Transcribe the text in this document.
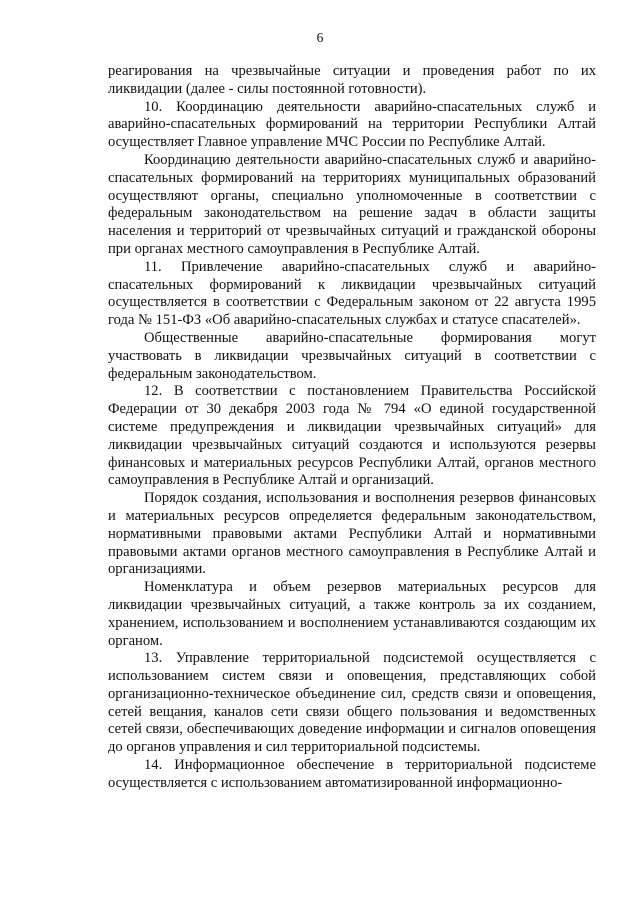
6

реагирования на чрезвычайные ситуации и проведения работ по их ликвидации (далее - силы постоянной готовности).

10. Координацию деятельности аварийно-спасательных служб и аварийно-спасательных формирований на территории Республики Алтай осуществляет Главное управление МЧС России по Республике Алтай.

Координацию деятельности аварийно-спасательных служб и аварийно-спасательных формирований на территориях муниципальных образований осуществляют органы, специально уполномоченные в соответствии с федеральным законодательством на решение задач в области защиты населения и территорий от чрезвычайных ситуаций и гражданской обороны при органах местного самоуправления в Республике Алтай.

11. Привлечение аварийно-спасательных служб и аварийно-спасательных формирований к ликвидации чрезвычайных ситуаций осуществляется в соответствии с Федеральным законом от 22 августа 1995 года № 151-ФЗ «Об аварийно-спасательных службах и статусе спасателей».

Общественные аварийно-спасательные формирования могут участвовать в ликвидации чрезвычайных ситуаций в соответствии с федеральным законодательством.

12. В соответствии с постановлением Правительства Российской Федерации от 30 декабря 2003 года № 794 «О единой государственной системе предупреждения и ликвидации чрезвычайных ситуаций» для ликвидации чрезвычайных ситуаций создаются и используются резервы финансовых и материальных ресурсов Республики Алтай, органов местного самоуправления в Республике Алтай и организаций.

Порядок создания, использования и восполнения резервов финансовых и материальных ресурсов определяется федеральным законодательством, нормативными правовыми актами Республики Алтай и нормативными правовыми актами органов местного самоуправления в Республике Алтай и организациями.

Номенклатура и объем резервов материальных ресурсов для ликвидации чрезвычайных ситуаций, а также контроль за их созданием, хранением, использованием и восполнением устанавливаются создающим их органом.

13. Управление территориальной подсистемой осуществляется с использованием систем связи и оповещения, представляющих собой организационно-техническое объединение сил, средств связи и оповещения, сетей вещания, каналов сети связи общего пользования и ведомственных сетей связи, обеспечивающих доведение информации и сигналов оповещения до органов управления и сил территориальной подсистемы.

14. Информационное обеспечение в территориальной подсистеме осуществляется с использованием автоматизированной информационно-
